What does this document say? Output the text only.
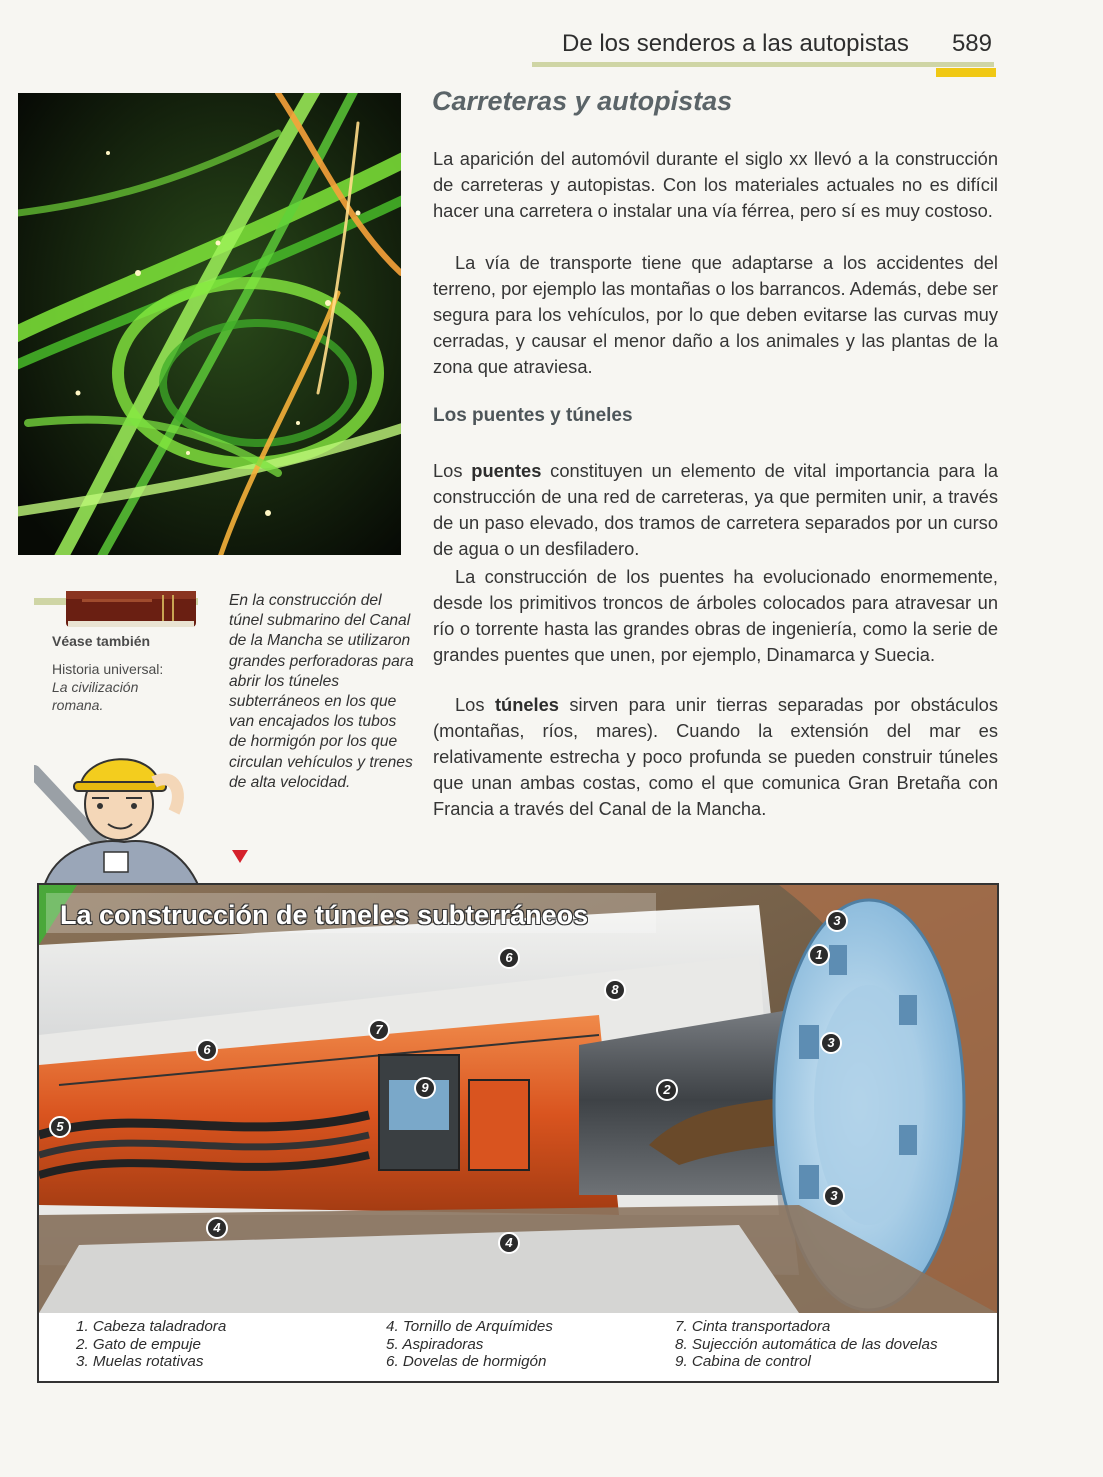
De los senderos a las autopistas 589
Carreteras y autopistas
La aparición del automóvil durante el siglo xx llevó a la construcción de carreteras y autopistas. Con los materiales actuales no es difícil hacer una carretera o instalar una vía férrea, pero sí es muy costoso.
La vía de transporte tiene que adaptarse a los accidentes del terreno, por ejemplo las montañas o los barrancos. Además, debe ser segura para los vehículos, por lo que deben evitarse las curvas muy cerradas, y causar el menor daño a los animales y las plantas de la zona que atraviesa.
Los puentes y túneles
Los puentes constituyen un elemento de vital importancia para la construcción de una red de carreteras, ya que permiten unir, a través de un paso elevado, dos tramos de carretera separados por un curso de agua o un desfiladero.
La construcción de los puentes ha evolucionado enormemente, desde los primitivos troncos de árboles colocados para atravesar un río o torrente hasta las grandes obras de ingeniería, como la serie de grandes puentes que unen, por ejemplo, Dinamarca y Suecia.
Los túneles sirven para unir tierras separadas por obstáculos (montañas, ríos, mares). Cuando la extensión del mar es relativamente estrecha y poco profunda se pueden construir túneles que unan ambas costas, como el que comunica Gran Bretaña con Francia a través del Canal de la Mancha.
Véase también
Historia universal:
La civilización
romana.
En la construcción del túnel submarino del Canal de la Mancha se utilizaron grandes perforadoras para abrir los túneles subterráneos en los que van encajados los tubos de hormigón por los que circulan vehículos y trenes de alta velocidad.
La construcción de túneles subterráneos	3
1
6
8
7
6	3
9	2
5
3
4
4
1. Cabeza taladradora
2. Gato de empuje
3. Muelas rotativas
4. Tornillo de Arquímides
5. Aspiradoras
6. Dovelas de hormigón
7. Cinta transportadora
8. Sujección automática de las dovelas
9. Cabina de control
